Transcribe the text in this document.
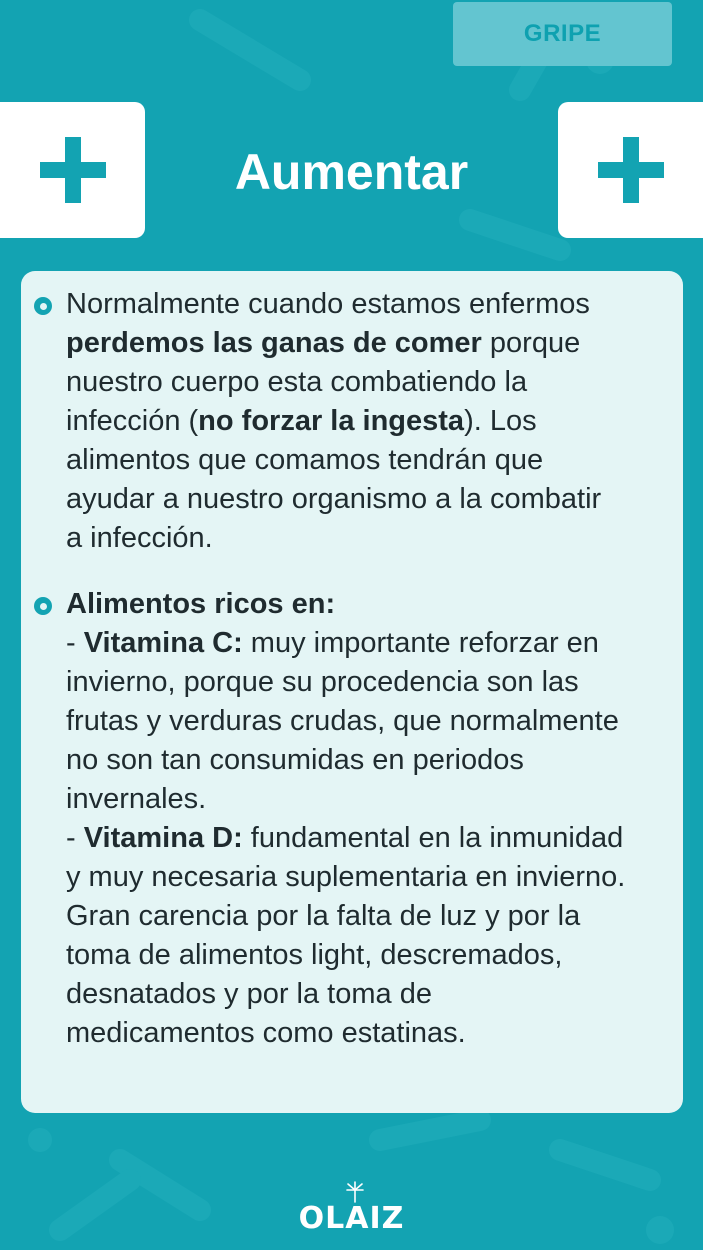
GRIPE
Aumentar
Normalmente cuando estamos enfermos
perdemos las ganas de comer porque
nuestro cuerpo esta combatiendo la
infección (no forzar la ingesta). Los
alimentos que comamos tendrán que
ayudar a nuestro organismo a la combatir
a infección.
Alimentos ricos en:
- Vitamina C: muy importante reforzar en
invierno, porque su procedencia son las
frutas y verduras crudas, que normalmente
no son tan consumidas en periodos
invernales.
- Vitamina D: fundamental en la inmunidad
y muy necesaria suplementaria en invierno.
Gran carencia por la falta de luz y por la
toma de alimentos light, descremados,
desnatados y por la toma de
medicamentos como estatinas.
OLAIZ
